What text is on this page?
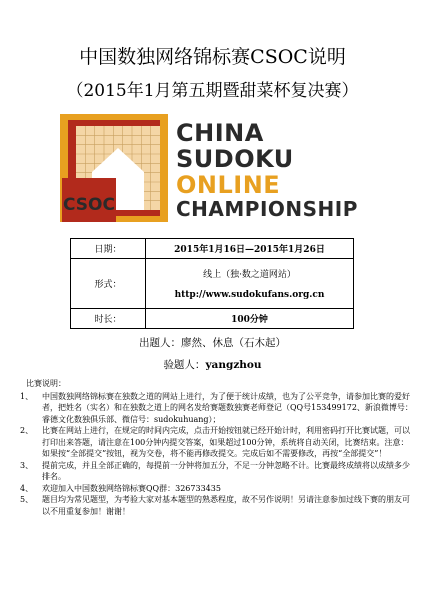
中国数独网络锦标赛CSOC说明
（2015年1月第五期暨甜菜杯复决赛）
CSOC
CHINA
SUDOKU
ONLINE
CHAMPIONSHIP
日期：	2015年1月16日—2015年1月26日
形式：	线上（独·数之道网站）
http://www.sudokufans.org.cn

时长：	100分钟
出题人：廖然、休息（石木起）
验题人：yangzhou
比赛说明：
1、	中国数独网络锦标赛在独数之道的网站上进行，为了便于统计成绩，也为了公平竞争，请参加比赛的爱好者，把姓名（实名）和在独数之道上的网名发给赛题数独赛老师登记（QQ号153499172、新浪微博号：睿德文化数独俱乐部、微信号：sudokuhuang）；
2、	比赛在网站上进行，在规定的时间内完成，点击开始按钮就已经开始计时，利用密码打开比赛试题，可以打印出来答题，请注意在100分钟内提交答案，如果超过100分钟，系统将自动关闭，比赛结束。注意：如果按“全部提交”按钮，视为交卷，将不能再修改提交。完成后如不需要修改，再按“全部提交”！
3、	提前完成，并且全部正确的，每提前一分钟将加五分，不足一分钟忽略不计。比赛最终成绩将以成绩多少排名。
4、	欢迎加入中国数独网络锦标赛QQ群：326733435
5、	题目均为常见题型，为考验大家对基本题型的熟悉程度，故不另作说明！另请注意参加过线下赛的朋友可以不用重复参加！谢谢！
